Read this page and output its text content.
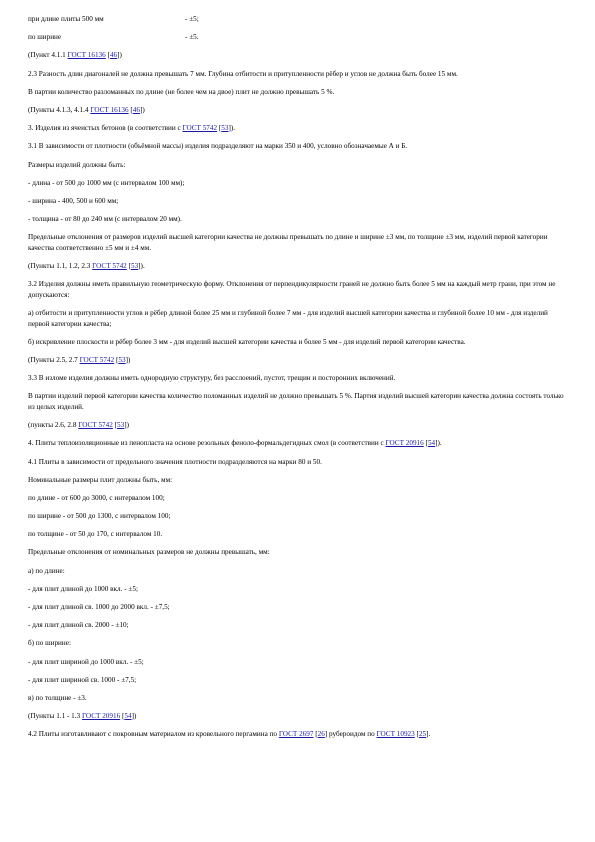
при длине плиты 500 мм	- ±5;
по ширине	- ±5.

(Пункт 4.1.1 ГОСТ 16136 [46])

2.3 Разность длин диагоналей не должна превышать 7 мм. Глубина отбитости и притупленности рёбер и углов не должна быть более 15 мм.

В партии количество разломанных по длине (не более чем на двое) плит не должно превышать 5 %.

(Пункты 4.1.3, 4.1.4 ГОСТ 16136 [46])

3. Изделия из ячеистых бетонов (в соответствии с ГОСТ 5742 [53]).

3.1 В зависимости от плотности (объёмной массы) изделия подразделяют на марки 350 и 400, условно обозначаемые А и Б.

Размеры изделий должны быть:

- длина - от 500 до 1000 мм (с интервалом 100 мм);

- ширина - 400, 500 и 600 мм;

- толщина - от 80 до 240 мм (с интервалом 20 мм).

Предельные отклонения от размеров изделий высшей категории качества не должны превышать по длине и ширине ±3 мм, по толщине ±3 мм, изделий первой категории качества соответственно ±5 мм и ±4 мм.

(Пункты 1.1, 1.2, 2.3 ГОСТ 5742 [53]).

3.2 Изделия должны иметь правильную геометрическую форму. Отклонения от перпендикулярности граней не должно быть более 5 мм на каждый метр грани, при этом не допускаются:

а) отбитости и притупленности углов и рёбер длиной более 25 мм и глубиной более 7 мм - для изделий высшей категории качества и глубиной более 10 мм - для изделий первой категории качества;

б) искривление плоскости и рёбер более 3 мм - для изделий высшей категории качества и более 5 мм - для изделий первой категории качества.

(Пункты 2.5, 2.7 ГОСТ 5742 [53])

3.3 В изломе изделия должны иметь однородную структуру, без расслоений, пустот, трещин и посторонних включений.

В партии изделий первой категории качества количество поломанных изделий не должно превышать 5 %. Партия изделий высшей категории качества должна состоять только из целых изделий.

(пункты 2.6, 2.8 ГОСТ 5742 [53])

4. Плиты теплоизоляционные из пенопласта на основе резольных феноло-формальдегидных смол (в соответствии с ГОСТ 20916 [54]).

4.1 Плиты в зависимости от предельного значения плотности подразделяются на марки 80 и 50.

Номинальные размеры плит должны быть, мм:

по длине - от 600 до 3000, с интервалом 100;

по ширине - от 500 до 1300, с интервалом 100;

по толщине - от 50 до 170, с интервалом 10.

Предельные отклонения от номинальных размеров не должны превышать, мм:

а) по длине:

- для плит длиной до 1000 вкл. - ±5;

- для плит длиной св. 1000 до 2000 вкл. - ±7,5;

- для плит длиной св. 2000 - ±10;

б) по ширине:

- для плит шириной до 1000 вкл. - ±5;

- для плит шириной св. 1000 - ±7,5;

в) по толщине - ±3.

(Пункты 1.1 - 1.3 ГОСТ 20916 [54])

4.2 Плиты изготавливают с покровным материалом из кровельного пергамина по ГОСТ 2697 [26] рубероидом по ГОСТ 10923 [25].
